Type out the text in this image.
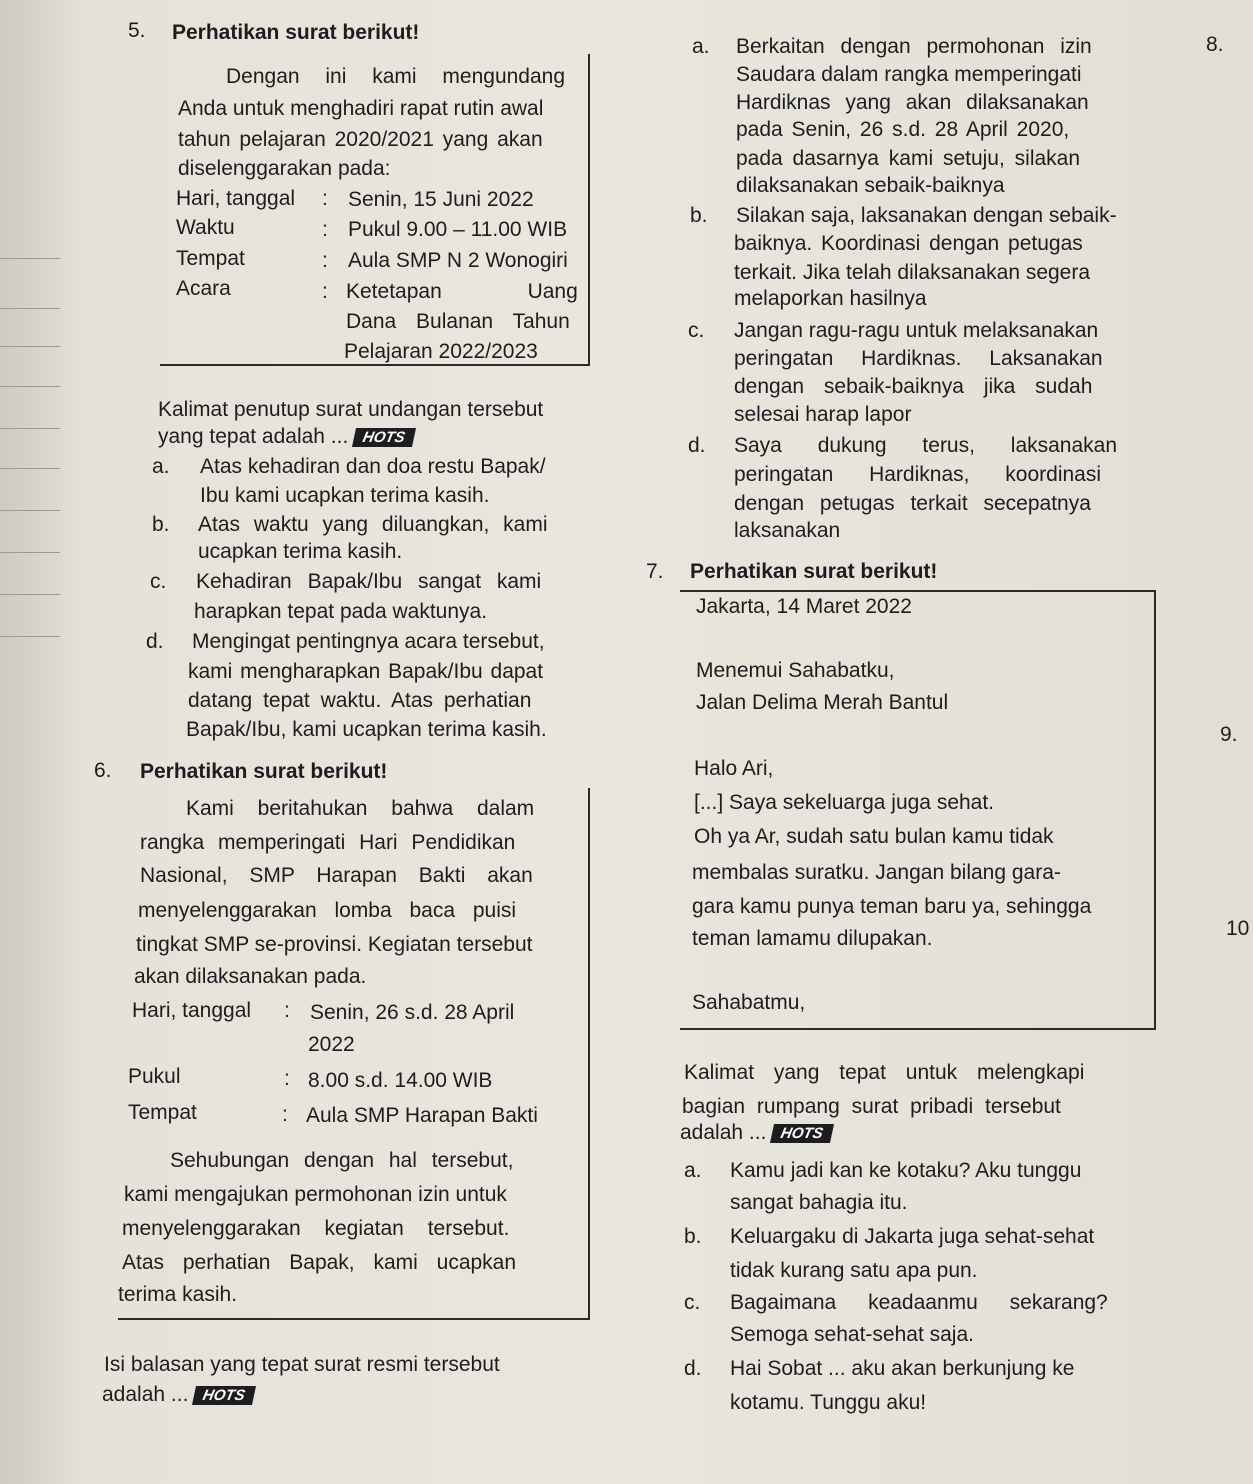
5. Perhatikan surat berikut!
Dengan ini kami mengundang
Anda untuk menghadiri rapat rutin awal
tahun pelajaran 2020/2021 yang akan
diselenggarakan pada:
Hari, tanggal : Senin, 15 Juni 2022
Waktu	: Pukul 9.00 – 11.00 WIB
Tempat	: Aula SMP N 2 Wonogiri
Acara	: Ketetapan Uang
Dana Bulanan Tahun
Pelajaran 2022/2023
Kalimat penutup surat undangan tersebut
yang tepat adalah ... HOTS
a. Atas kehadiran dan doa restu Bapak/
Ibu kami ucapkan terima kasih.
b. Atas waktu yang diluangkan, kami
ucapkan terima kasih.
c. Kehadiran Bapak/Ibu sangat kami
harapkan tepat pada waktunya.
d. Mengingat pentingnya acara tersebut,
kami mengharapkan Bapak/Ibu dapat
datang tepat waktu. Atas perhatian
Bapak/Ibu, kami ucapkan terima kasih.
6. Perhatikan surat berikut!
Kami beritahukan bahwa dalam
rangka memperingati Hari Pendidikan
Nasional, SMP Harapan Bakti akan
menyelenggarakan lomba baca puisi
tingkat SMP se-provinsi. Kegiatan tersebut
akan dilaksanakan pada.
Hari, tanggal : Senin, 26 s.d. 28 April
2022
Pukul	: 8.00 s.d. 14.00 WIB
Tempat	: Aula SMP Harapan Bakti
Sehubungan dengan hal tersebut,
kami mengajukan permohonan izin untuk
menyelenggarakan kegiatan tersebut.
Atas perhatian Bapak, kami ucapkan
terima kasih.
Isi balasan yang tepat surat resmi tersebut
adalah ... HOTS
a. Berkaitan dengan permohonan izin
Saudara dalam rangka memperingati
Hardiknas yang akan dilaksanakan
pada Senin, 26 s.d. 28 April 2020,
pada dasarnya kami setuju, silakan
dilaksanakan sebaik-baiknya
b. Silakan saja, laksanakan dengan sebaik-
baiknya. Koordinasi dengan petugas
terkait. Jika telah dilaksanakan segera
melaporkan hasilnya
c. Jangan ragu-ragu untuk melaksanakan
peringatan Hardiknas. Laksanakan
dengan sebaik-baiknya jika sudah
selesai harap lapor
d. Saya dukung terus, laksanakan
peringatan Hardiknas, koordinasi
dengan petugas terkait secepatnya
laksanakan
7. Perhatikan surat berikut!
Jakarta, 14 Maret 2022
Menemui Sahabatku,
Jalan Delima Merah Bantul
Halo Ari,
[...] Saya sekeluarga juga sehat.
Oh ya Ar, sudah satu bulan kamu tidak
membalas suratku. Jangan bilang gara-
gara kamu punya teman baru ya, sehingga
teman lamamu dilupakan.
Sahabatmu,
Kalimat yang tepat untuk melengkapi
bagian rumpang surat pribadi tersebut
adalah ... HOTS
a. Kamu jadi kan ke kotaku? Aku tunggu
sangat bahagia itu.
b. Keluargaku di Jakarta juga sehat-sehat
tidak kurang satu apa pun.
c. Bagaimana keadaanmu sekarang?
Semoga sehat-sehat saja.
d. Hai Sobat ... aku akan berkunjung ke
kotamu. Tunggu aku!
8.
9.
10
